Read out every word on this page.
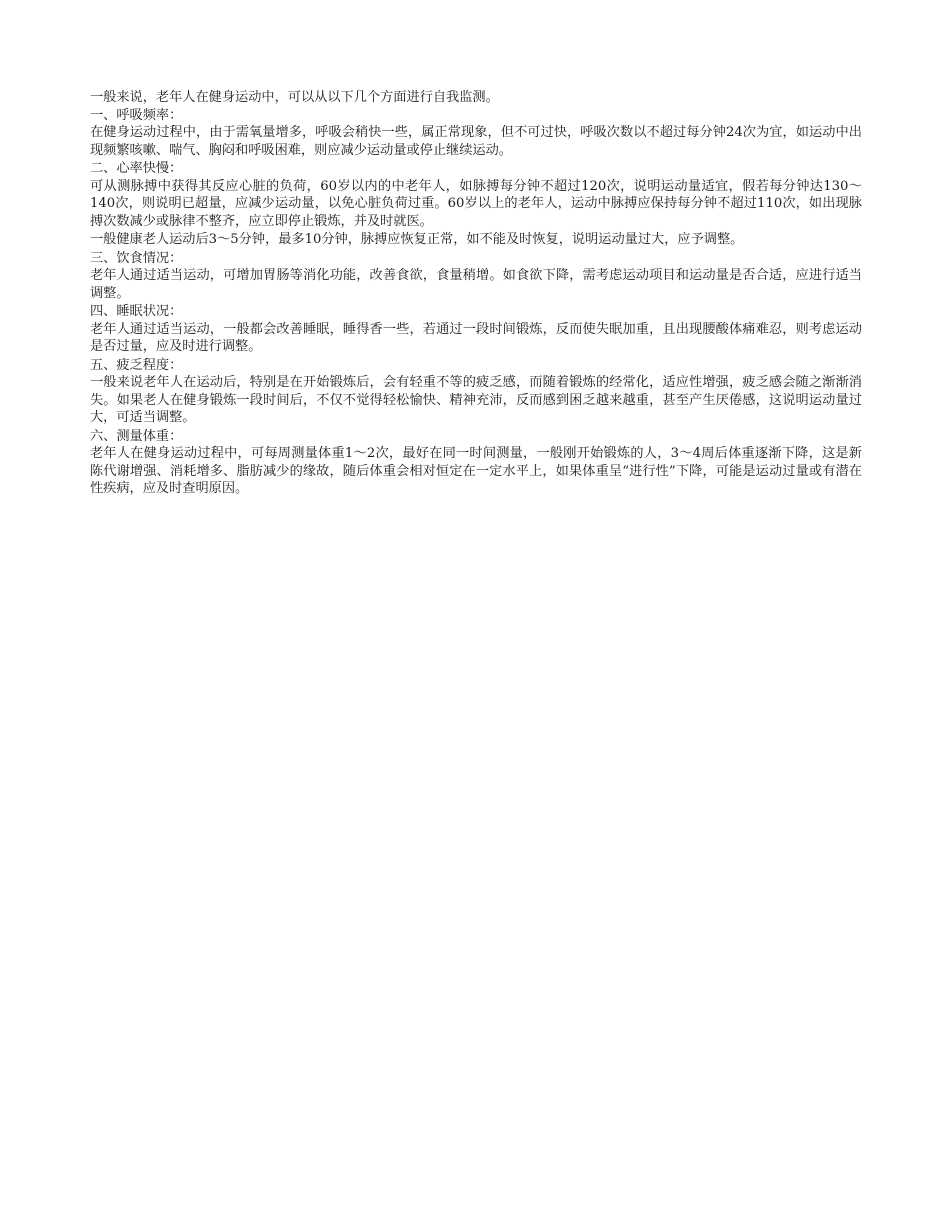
一般来说，老年人在健身运动中，可以从以下几个方面进行自我监测。

一、呼吸频率：

在健身运动过程中，由于需氧量增多，呼吸会稍快一些，属正常现象，但不可过快，呼吸次数以不超过每分钟24次为宜，如运动中出现频繁咳嗽、喘气、胸闷和呼吸困难，则应减少运动量或停止继续运动。

二、心率快慢：

可从测脉搏中获得其反应心脏的负荷，60岁以内的中老年人，如脉搏每分钟不超过120次，说明运动量适宜，假若每分钟达130～140次，则说明已超量，应减少运动量，以免心脏负荷过重。60岁以上的老年人，运动中脉搏应保持每分钟不超过110次，如出现脉搏次数减少或脉律不整齐，应立即停止锻炼，并及时就医。

一般健康老人运动后3～5分钟，最多10分钟，脉搏应恢复正常，如不能及时恢复，说明运动量过大，应予调整。

三、饮食情况：

老年人通过适当运动，可增加胃肠等消化功能，改善食欲，食量稍增。如食欲下降，需考虑运动项目和运动量是否合适，应进行适当调整。

四、睡眠状况：

老年人通过适当运动，一般都会改善睡眠，睡得香一些，若通过一段时间锻炼，反而使失眠加重，且出现腰酸体痛难忍，则考虑运动是否过量，应及时进行调整。

五、疲乏程度：

一般来说老年人在运动后，特别是在开始锻炼后，会有轻重不等的疲乏感，而随着锻炼的经常化，适应性增强，疲乏感会随之渐渐消失。如果老人在健身锻炼一段时间后，不仅不觉得轻松愉快、精神充沛，反而感到困乏越来越重，甚至产生厌倦感，这说明运动量过大，可适当调整。

六、测量体重：

老年人在健身运动过程中，可每周测量体重1～2次，最好在同一时间测量，一般刚开始锻炼的人，3～4周后体重逐渐下降，这是新陈代谢增强、消耗增多、脂肪减少的缘故，随后体重会相对恒定在一定水平上，如果体重呈“进行性”下降，可能是运动过量或有潜在性疾病，应及时查明原因。
